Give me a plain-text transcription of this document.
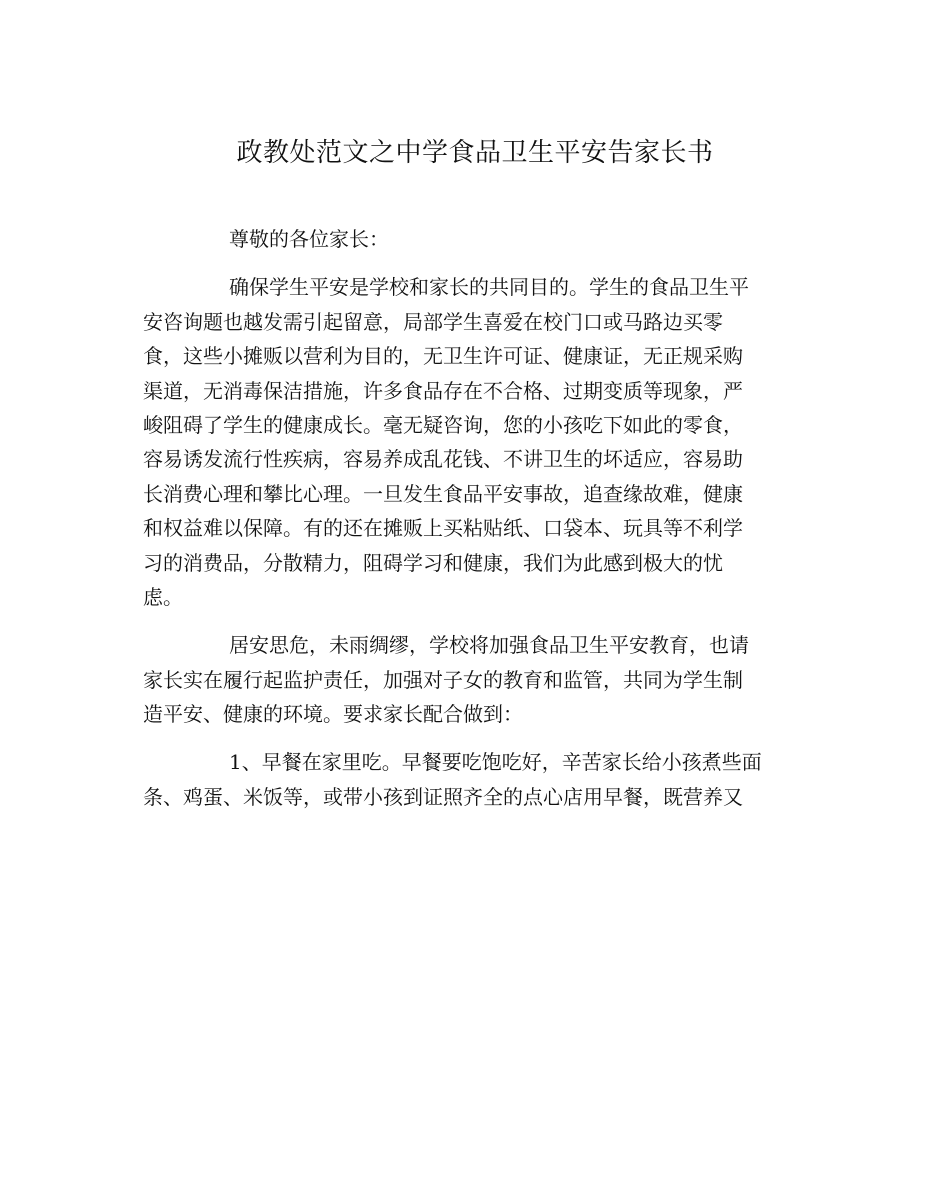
政教处范文之中学食品卫生平安告家长书
尊敬的各位家长：
确保学生平安是学校和家长的共同目的。学生的食品卫生平
安咨询题也越发需引起留意，局部学生喜爱在校门口或马路边买零
食，这些小摊贩以营利为目的，无卫生许可证、健康证，无正规采购
渠道，无消毒保洁措施，许多食品存在不合格、过期变质等现象，严
峻阻碍了学生的健康成长。毫无疑咨询，您的小孩吃下如此的零食，
容易诱发流行性疾病，容易养成乱花钱、不讲卫生的坏适应，容易助
长消费心理和攀比心理。一旦发生食品平安事故，追查缘故难，健康
和权益难以保障。有的还在摊贩上买粘贴纸、口袋本、玩具等不利学
习的消费品，分散精力，阻碍学习和健康，我们为此感到极大的忧
虑。
居安思危，未雨绸缪，学校将加强食品卫生平安教育，也请
家长实在履行起监护责任，加强对子女的教育和监管，共同为学生制
造平安、健康的环境。要求家长配合做到：
1、早餐在家里吃。早餐要吃饱吃好，辛苦家长给小孩煮些面
条、鸡蛋、米饭等，或带小孩到证照齐全的点心店用早餐，既营养又
